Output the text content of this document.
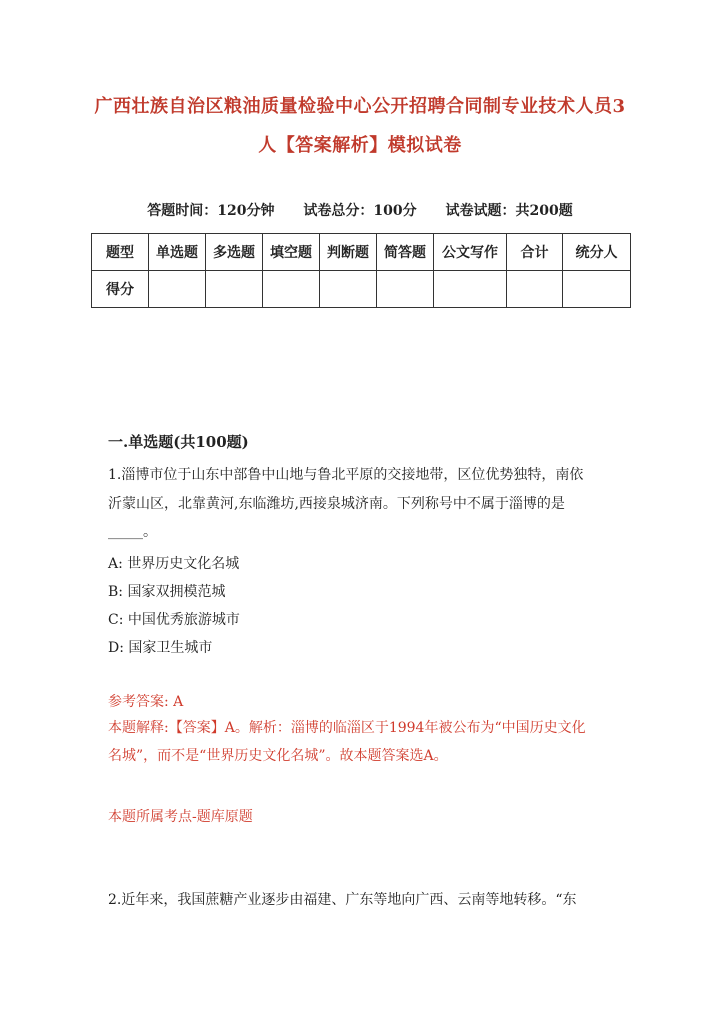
广西壮族自治区粮油质量检验中心公开招聘合同制专业技术人员3
人【答案解析】模拟试卷
答题时间：120分钟 试卷总分：100分 试卷试题：共200题
题型	单选题	多选题	填空题	判断题	简答题	公文写作	合计	统分人
得分								
一.单选题(共100题)
1.淄博市位于山东中部鲁中山地与鲁北平原的交接地带，区位优势独特，南依
沂蒙山区，北靠黄河,东临潍坊,西接泉城济南。下列称号中不属于淄博的是
_____。
A: 世界历史文化名城
B: 国家双拥模范城
C: 中国优秀旅游城市
D: 国家卫生城市
参考答案: A
本题解释:【答案】A。解析：淄博的临淄区于1994年被公布为“中国历史文化
名城”，而不是“世界历史文化名城”。故本题答案选A。
本题所属考点-题库原题
2.近年来，我国蔗糖产业逐步由福建、广东等地向广西、云南等地转移。“东
